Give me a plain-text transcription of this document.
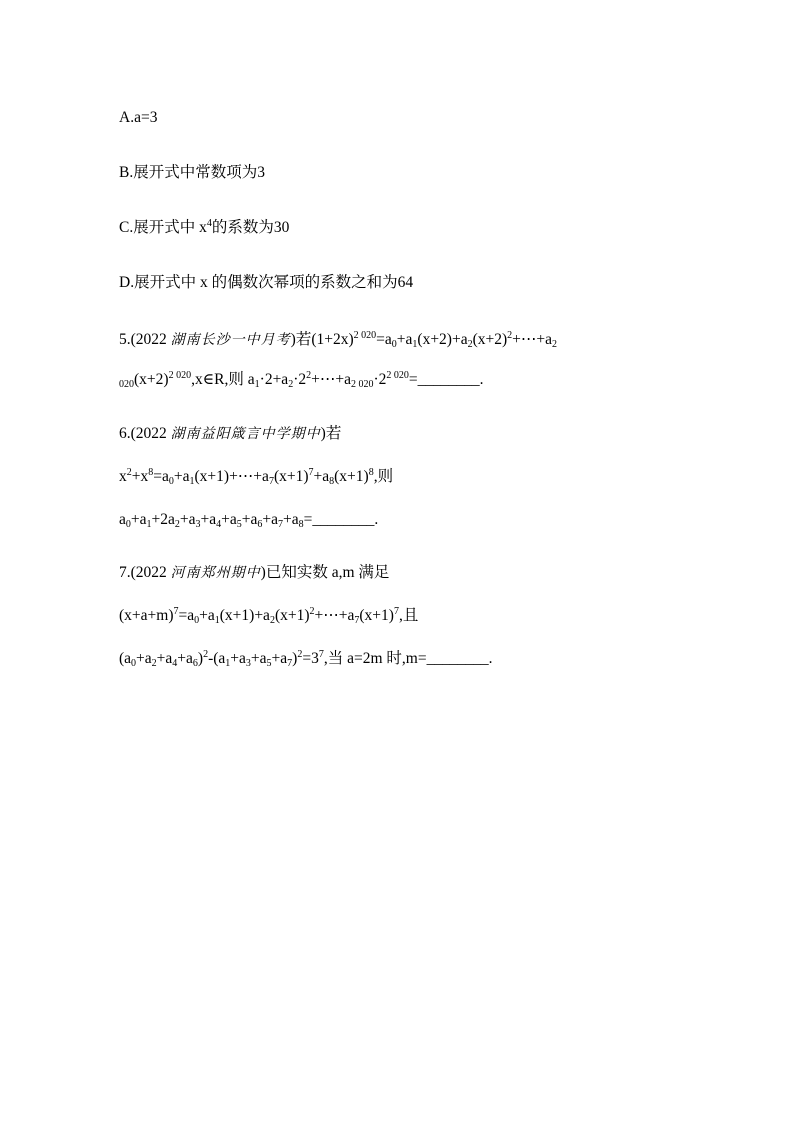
A.a=3
B.展开式中常数项为3
C.展开式中 $x^4$的系数为30
D.展开式中 x 的偶数次幂项的系数之和为64
5.(2022 湖南长沙一中月考)若$(1+2x)^{2 020}=a_0+a_1(x+2)+a_2(x+2)^2+\cdots+a_2$
$_{020}(x+2)^{2 020},x\in R$,则 $a_1\cdot 2+a_2\cdot 2^2+\cdots+a_{2 020}\cdot 2^{2 020}=\_\_\_\_\_\_\_\_$.
6.(2022 湖南益阳箴言中学期中)若
$x^2+x^8=a_0+a_1(x+1)+\cdots+a_7(x+1)^7+a_8(x+1)^8$,则
$a_0+a_1+2a_2+a_3+a_4+a_5+a_6+a_7+a_8=\_\_\_\_\_\_\_\_$.
7.(2022 河南郑州期中)已知实数 a,m 满足
$(x+a+m)^7=a_0+a_1(x+1)+a_2(x+1)^2+\cdots+a_7(x+1)^7$,且
$(a_0+a_2+a_4+a_6)^2-(a_1+a_3+a_5+a_7)^2=3^7$,当 a=2m 时,m=________.
